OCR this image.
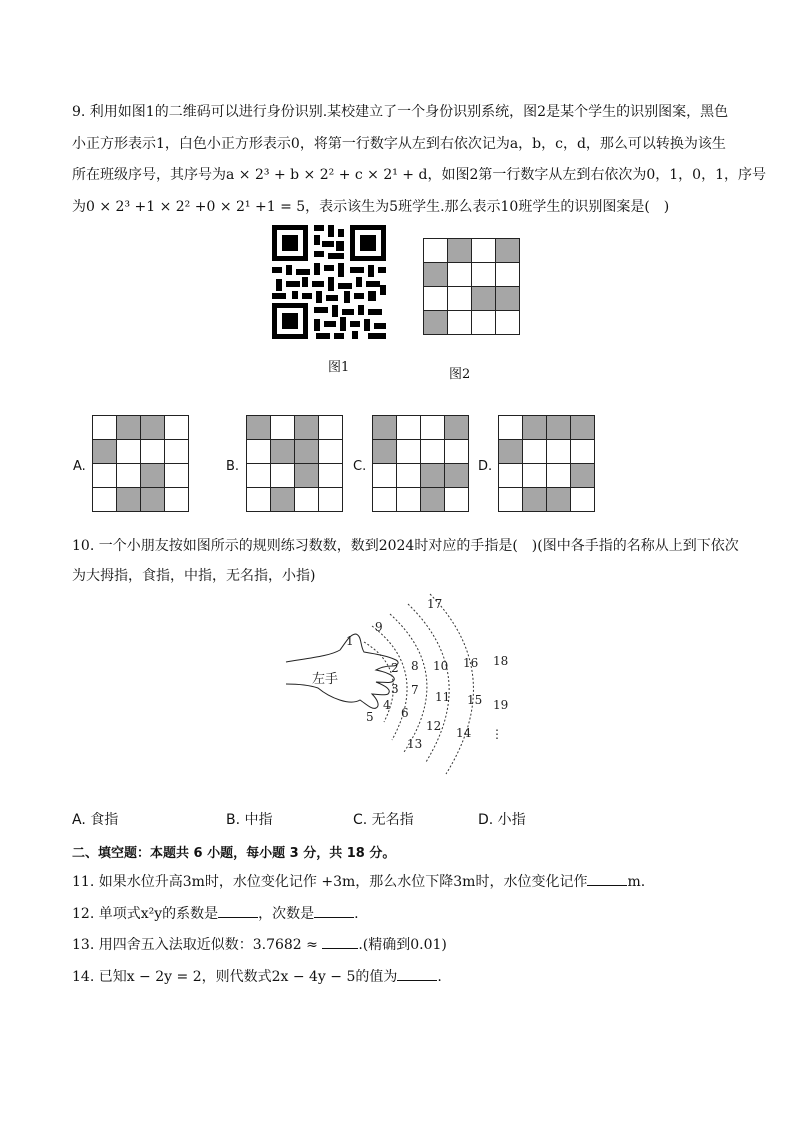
9. 利用如图1的二维码可以进行身份识别.某校建立了一个身份识别系统，图2是某个学生的识别图案，黑色
小正方形表示1，白色小正方形表示0，将第一行数字从左到右依次记为a，b，c，d，那么可以转换为该生
所在班级序号，其序号为a × 2³ + b × 2² + c × 2¹ + d，如图2第一行数字从左到右依次为0，1，0，1，序号
为0 × 2³ +1 × 2² +0 × 2¹ +1 = 5，表示该生为5班学生.那么表示10班学生的识别图案是(　)
图1

				图2
A.

				B.

				C.

				D.

10. 一个小朋友按如图所示的规则练习数数，数到2024时对应的手指是(　)(图中各手指的名称从上到下依次
为大拇指，食指，中指，无名指，小指)
左手
1
2
3
4
5 6
7
8
9
10
11
12
13
14
15
16
17
18
19
⋮
A. 食指	B. 中指	C. 无名指	D. 小指
二、填空题：本题共 6 小题，每小题 3 分，共 18 分。
11. 如果水位升高3m时，水位变化记作 +3m，那么水位下降3m时，水位变化记作	m.
12. 单项式x²y的系数是	，次数是	.
13. 用四舍五入法取近似数：3.7682 ≈	.(精确到0.01)
14. 已知x − 2y = 2，则代数式2x − 4y − 5的值为	.
